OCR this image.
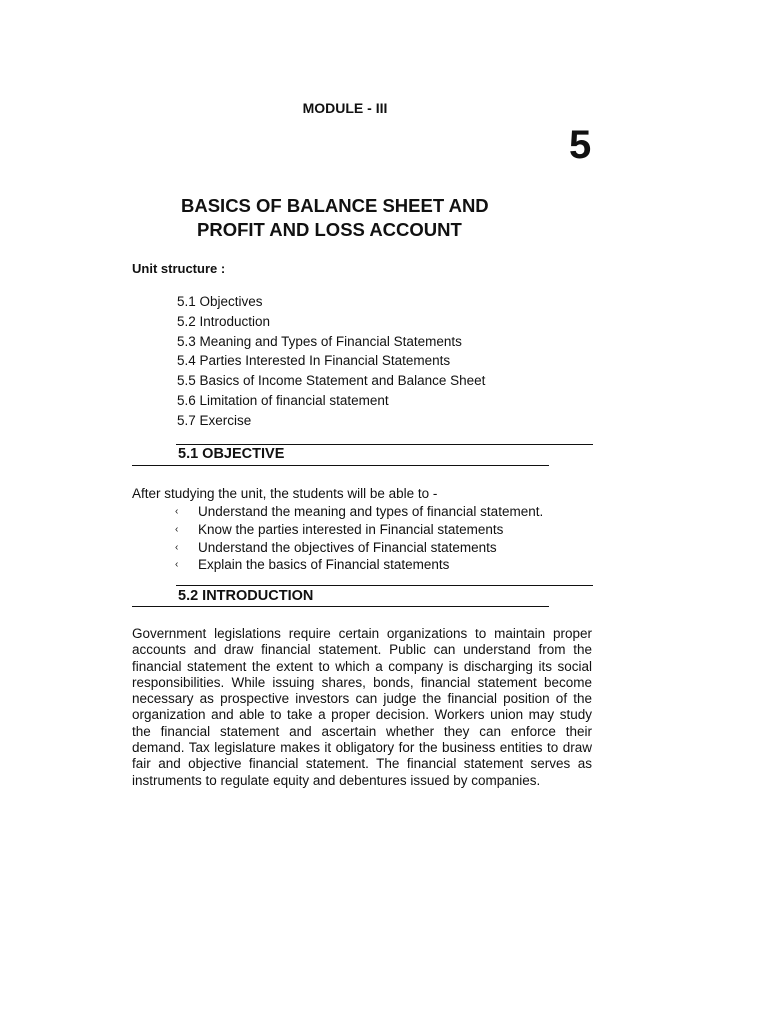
MODULE - III

5

BASICS OF BALANCE SHEET AND
PROFIT AND LOSS ACCOUNT

Unit structure :

5.1 Objectives
5.2 Introduction
5.3 Meaning and Types of Financial Statements
5.4 Parties Interested In Financial Statements
5.5 Basics of Income Statement and Balance Sheet
5.6 Limitation of financial statement
5.7 Exercise
5.1 OBJECTIVE

After studying the unit, the students will be able to -

‹ Understand the meaning and types of financial statement.
‹ Know the parties interested in Financial statements
‹ Understand the objectives of Financial statements
‹ Explain the basics of Financial statements
5.2 INTRODUCTION

Government legislations require certain organizations to maintain proper accounts and draw financial statement. Public can understand from the financial statement the extent to which a company is discharging its social responsibilities. While issuing shares, bonds, financial statement become necessary as prospective investors can judge the financial position of the organization and able to take a proper decision. Workers union may study the financial statement and ascertain whether they can enforce their demand. Tax legislature makes it obligatory for the business entities to draw fair and objective financial statement. The financial statement serves as instruments to regulate equity and debentures issued by companies.
